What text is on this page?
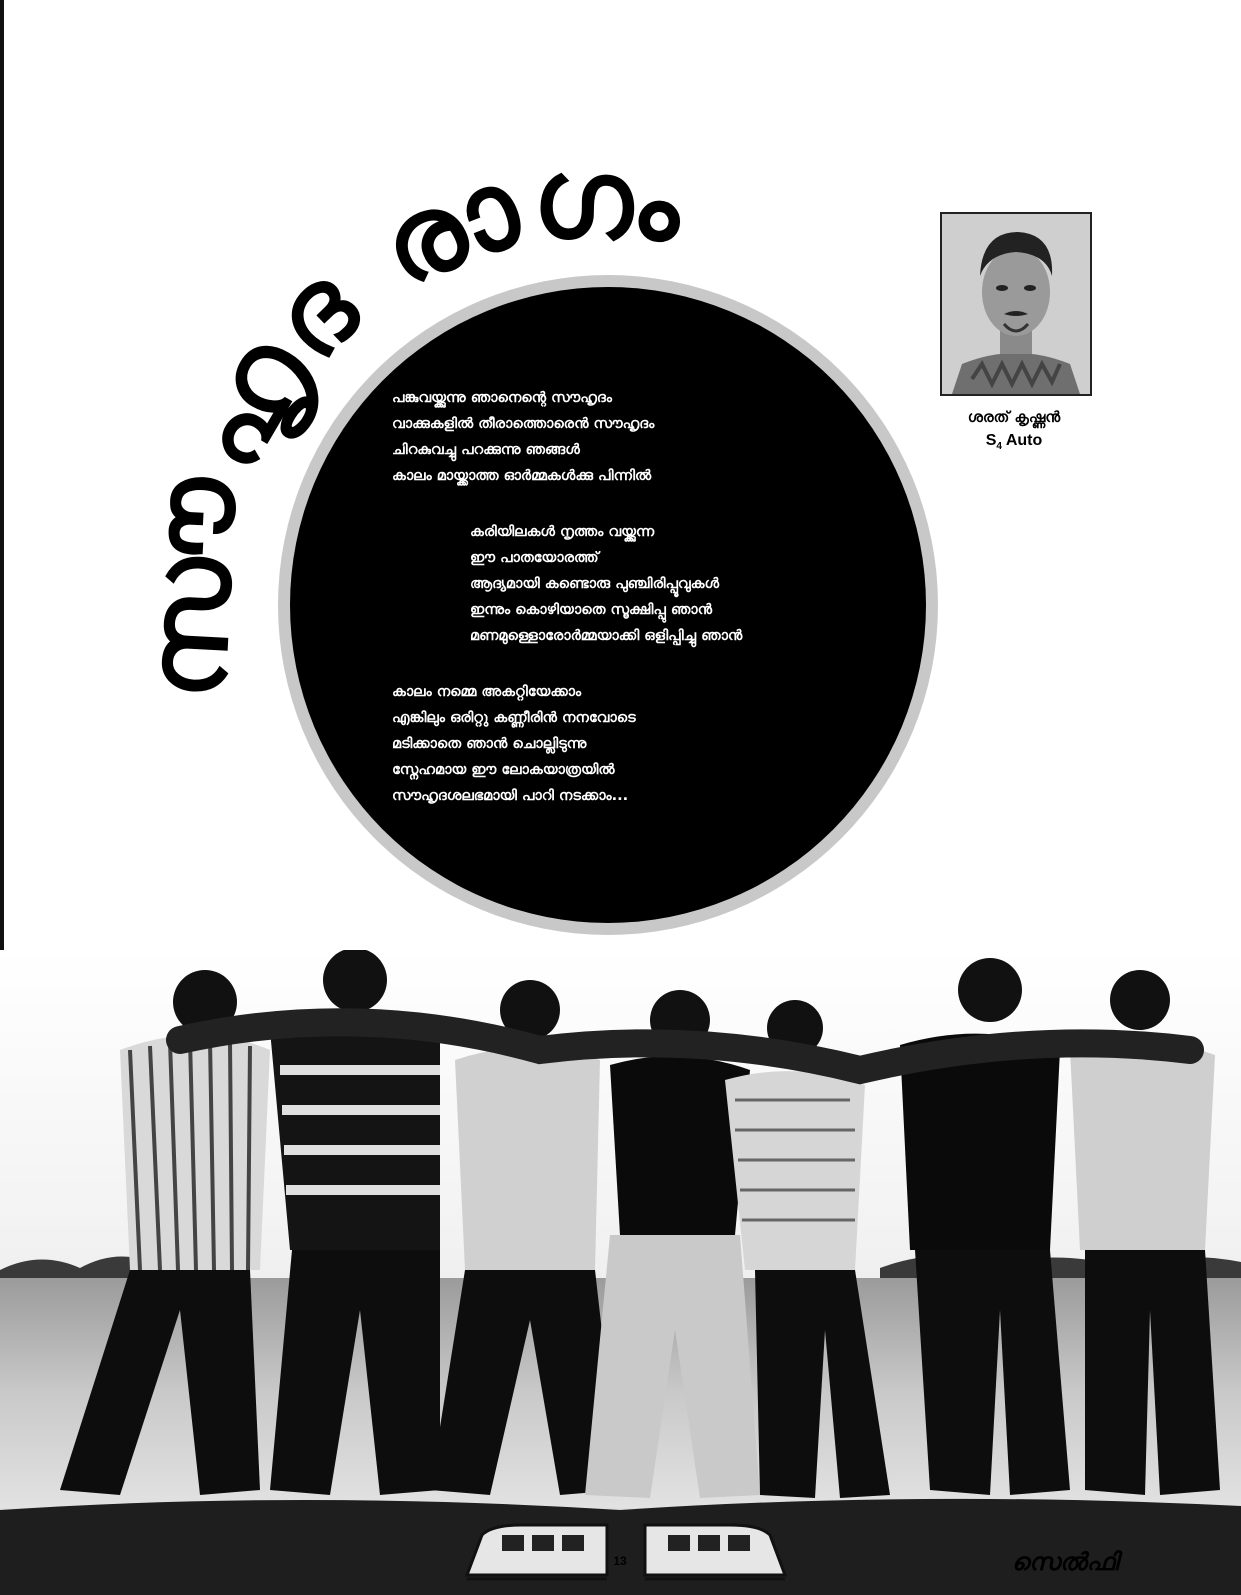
സൗഹൃദ രാഗം
പങ്കുവയ്ക്കുന്നു ഞാനെന്റെ സൗഹൃദം
വാക്കുകളിൽ തീരാത്തൊരെൻ സൗഹൃദം
ചിറകുവച്ചു പറക്കുന്നു ഞങ്ങൾ
കാലം മായ്ക്കാത്ത ഓർമ്മകൾക്കു പിന്നിൽ
കരിയിലകൾ നൃത്തം വയ്ക്കുന്ന
ഈ പാതയോരത്ത്
ആദ്യമായി കണ്ടൊരു പുഞ്ചിരിപ്പൂവുകൾ
ഇന്നും കൊഴിയാതെ സൂക്ഷിപ്പു ഞാൻ
മണമുള്ളൊരോർമ്മയാക്കി ഒളിപ്പിച്ചു ഞാൻ
കാലം നമ്മെ അകറ്റിയേക്കാം
എങ്കിലും ഒരിറ്റു കണ്ണീരിൻ നനവോടെ
മടിക്കാതെ ഞാൻ ചൊല്ലിടുന്നു
സ്നേഹമായ ഈ ലോകയാത്രയിൽ
സൗഹൃദശലഭമായി പാറി നടക്കാം...
ശരത് കൃഷ്ണൻ
$S_4$ Auto
13	സെൽഫി
